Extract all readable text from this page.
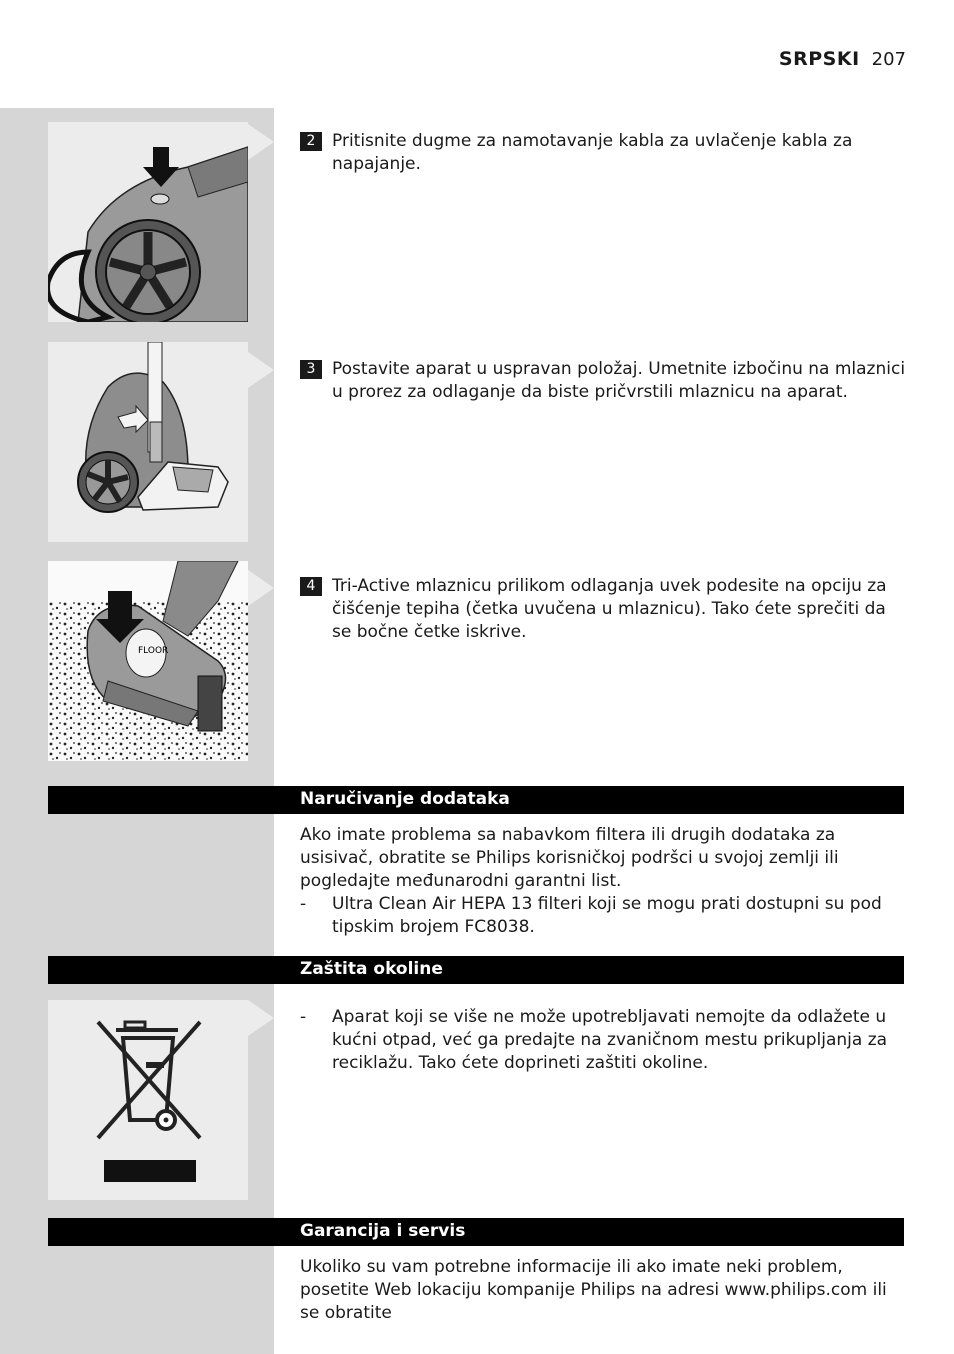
SRPSKI 207
FLOOR
2 Pritisnite dugme za namotavanje kabla za uvlačenje kabla za napajanje.
3 Postavite aparat u uspravan položaj. Umetnite izbočinu na mlaznici u prorez za odlaganje da biste pričvrstili mlaznicu na aparat.
4 Tri-Active mlaznicu prilikom odlaganja uvek podesite na opciju za čišćenje tepiha (četka uvučena u mlaznicu). Tako ćete sprečiti da se bočne četke iskrive.
Naručivanje dodataka

Ako imate problema sa nabavkom filtera ili drugih dodataka za usisivač, obratite se Philips korisničkoj podršci u svojoj zemlji ili pogledajte međunarodni garantni list.

-	Ultra Clean Air HEPA 13 filteri koji se mogu prati dostupni su pod tipskim brojem FC8038.
Zaštita okoline
-	Aparat koji se više ne može upotrebljavati nemojte da odlažete u kućni otpad, već ga predajte na zvaničnom mestu prikupljanja za reciklažu. Tako ćete doprineti zaštiti okoline.
Garancija i servis

Ukoliko su vam potrebne informacije ili ako imate neki problem, posetite Web lokaciju kompanije Philips na adresi www.philips.com ili se obratite
